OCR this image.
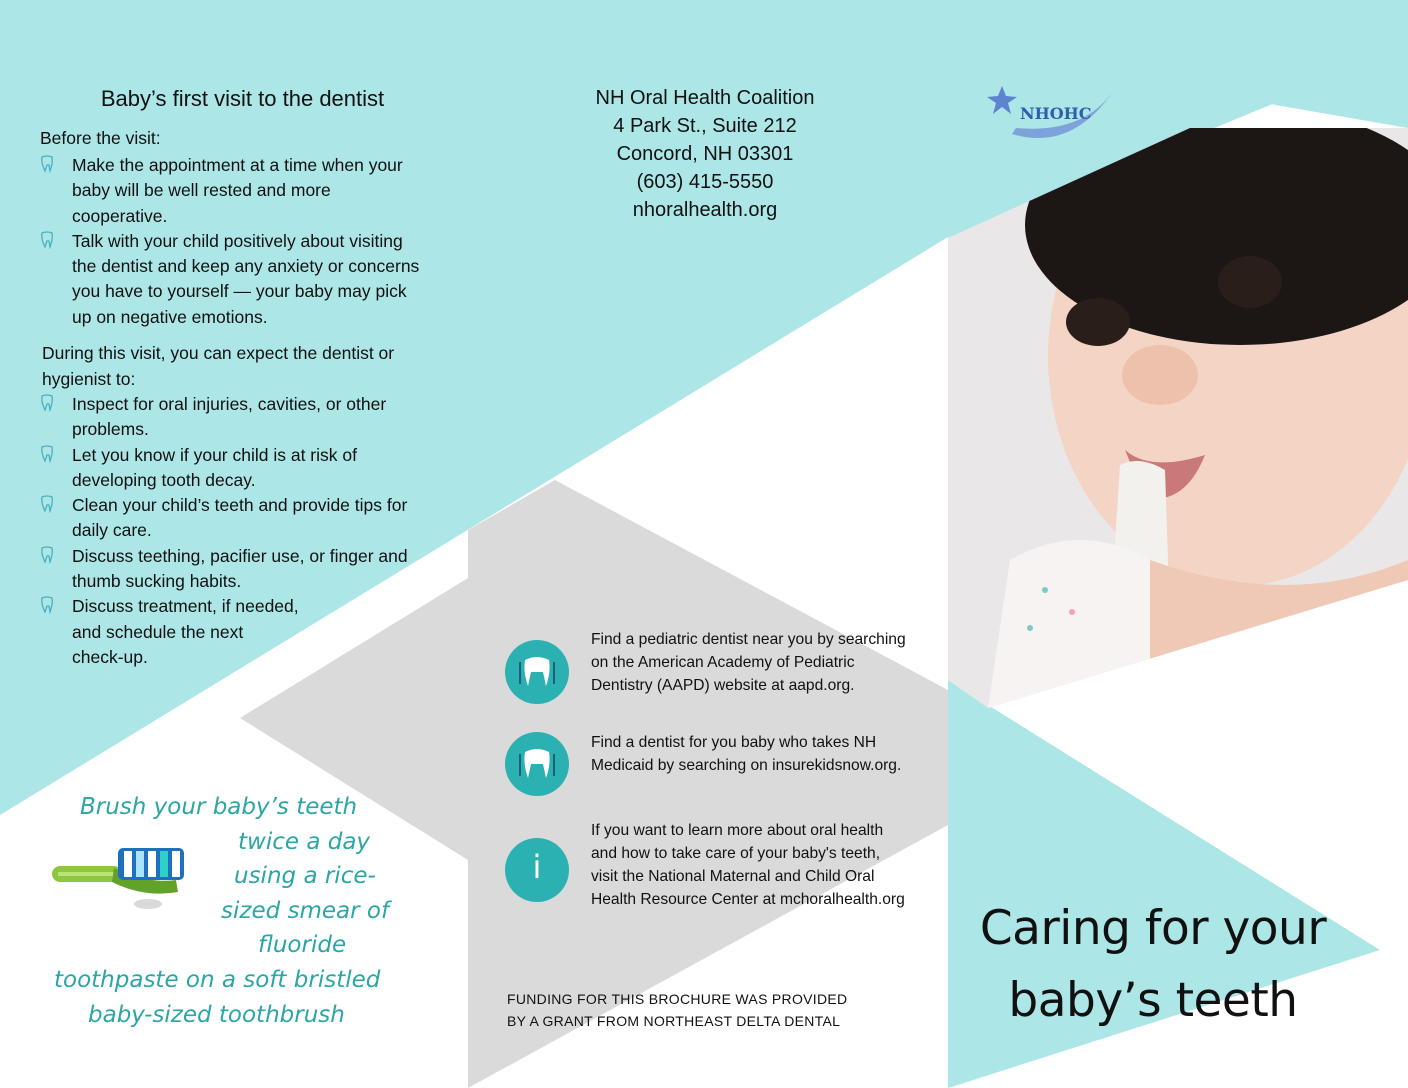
NHOHC
Baby’s first visit to the dentist
Before the visit:
Make the appointment at a time when your baby will be well rested and more cooperative.
Talk with your child positively about visiting the dentist and keep any anxiety or concerns you have to yourself — your baby may pick up on negative emotions.
During this visit, you can expect the dentist or hygienist to:
Inspect for oral injuries, cavities, or other problems.
Let you know if your child is at risk of developing tooth decay.
Clean your child’s teeth and provide tips for daily care.
Discuss teething, pacifier use, or finger and thumb sucking habits.
Discuss treatment, if needed,
and schedule the next
check-up.
Brush your baby’s teeth
twice a day
using a rice-
sized smear of
fluoride
toothpaste on a soft bristled
baby-sized toothbrush
NH Oral Health Coalition
4 Park St., Suite 212
Concord, NH 03301
(603) 415-5550
nhoralhealth.org
i
Find a pediatric dentist near you by searching on the American Academy of Pediatric Dentistry (AAPD) website at aapd.org.
Find a dentist for you baby who takes NH Medicaid by searching on insurekidsnow.org.
If you want to learn more about oral health and how to take care of your baby's teeth, visit the National Maternal and Child Oral Health Resource Center at mchoralhealth.org
FUNDING FOR THIS BROCHURE WAS PROVIDED
BY A GRANT FROM NORTHEAST DELTA DENTAL
Caring for your
baby’s teeth
